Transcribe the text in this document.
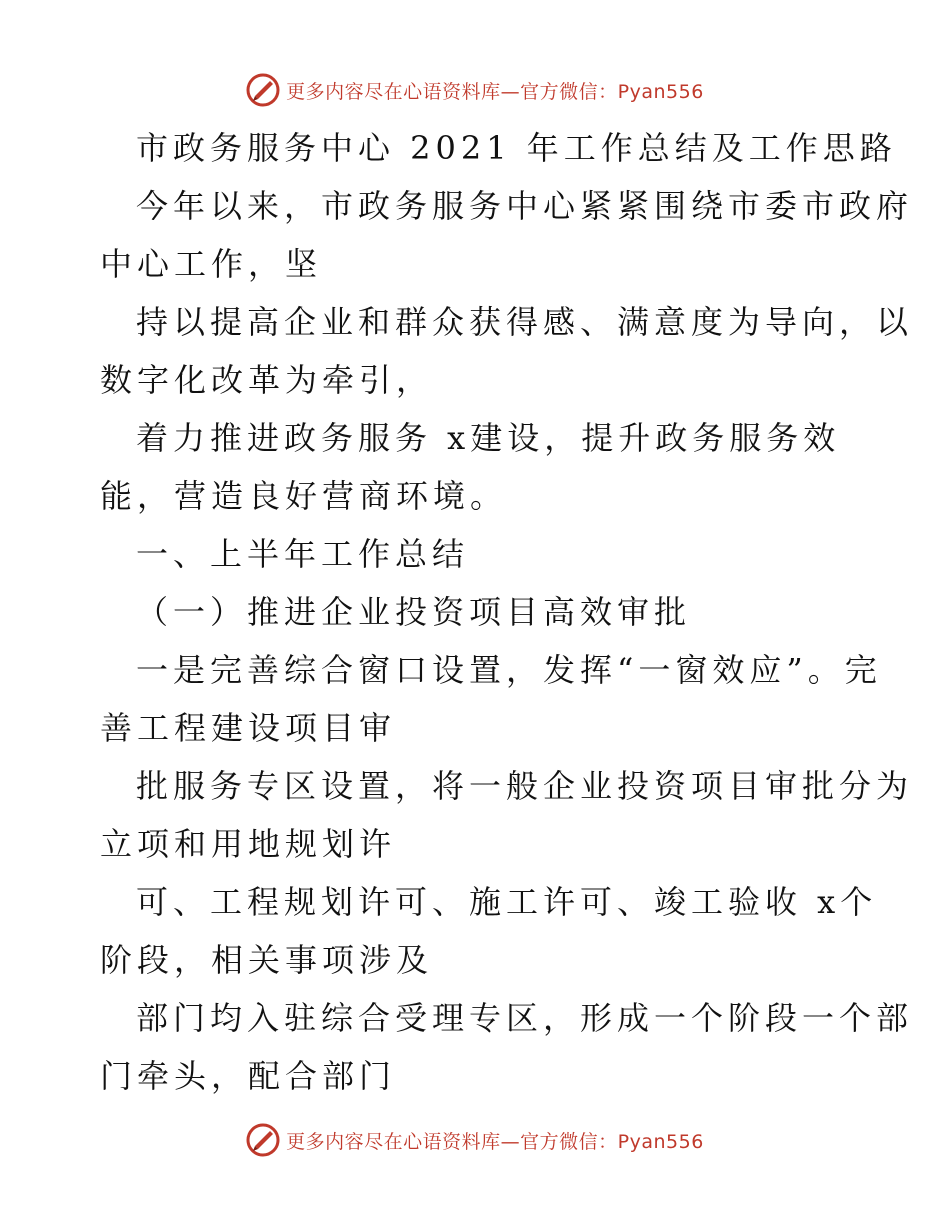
更多内容尽在心语资料库—官方微信：Pyan556
市政务服务中心 2021 年工作总结及工作思路
今年以来，市政务服务中心紧紧围绕市委市政府
中心工作，坚
持以提高企业和群众获得感、满意度为导向，以
数字化改革为牵引，
着力推进政务服务 x建设，提升政务服务效
能，营造良好营商环境。
一、上半年工作总结
（一）推进企业投资项目高效审批
一是完善综合窗口设置，发挥“一窗效应”。完
善工程建设项目审
批服务专区设置，将一般企业投资项目审批分为
立项和用地规划许
可、工程规划许可、施工许可、竣工验收 x个
阶段，相关事项涉及
部门均入驻综合受理专区，形成一个阶段一个部
门牵头，配合部门
更多内容尽在心语资料库—官方微信：Pyan556
